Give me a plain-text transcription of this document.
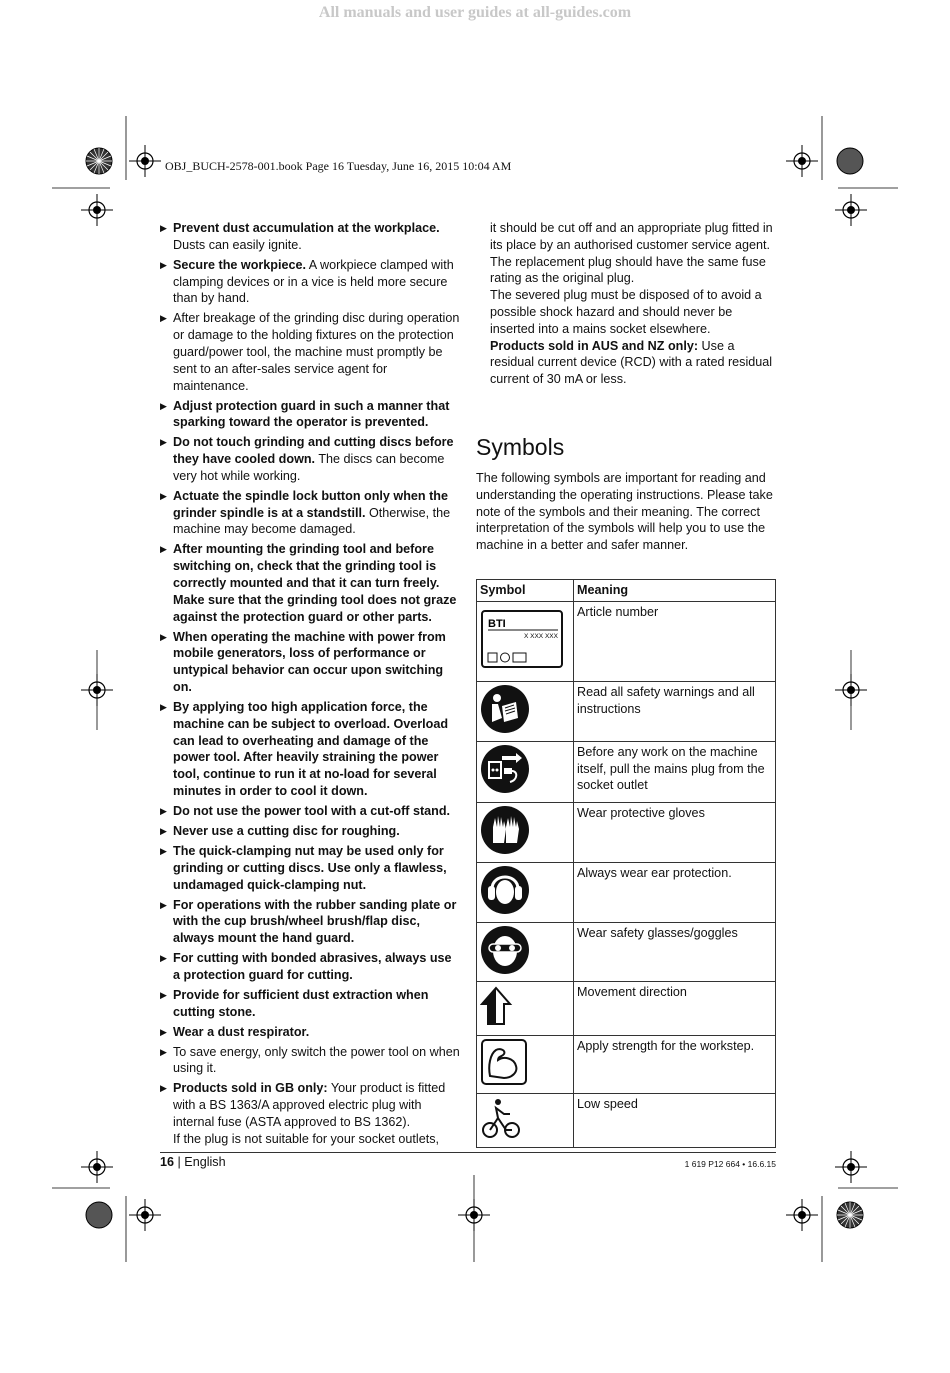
All manuals and user guides at all-guides.com
OBJ_BUCH-2578-001.book Page 16 Tuesday, June 16, 2015 10:04 AM
▶ Prevent dust accumulation at the workplace. Dusts can easily ignite.
▶ Secure the workpiece. A workpiece clamped with clamping devices or in a vice is held more secure than by hand.
▶ After breakage of the grinding disc during operation or damage to the holding fixtures on the protection guard/power tool, the machine must promptly be sent to an after-sales service agent for maintenance.
▶ Adjust protection guard in such a manner that sparking toward the operator is prevented.
▶ Do not touch grinding and cutting discs before they have cooled down. The discs can become very hot while working.
▶ Actuate the spindle lock button only when the grinder spindle is at a standstill. Otherwise, the machine may become damaged.
▶ After mounting the grinding tool and before switching on, check that the grinding tool is correctly mounted and that it can turn freely. Make sure that the grinding tool does not graze against the protection guard or other parts.
▶ When operating the machine with power from mobile generators, loss of performance or untypical behavior can occur upon switching on.
▶ By applying too high application force, the machine can be subject to overload. Overload can lead to overheating and damage of the power tool. After heavily straining the power tool, continue to run it at no-load for several minutes in order to cool it down.
▶ Do not use the power tool with a cut-off stand.
▶ Never use a cutting disc for roughing.
▶ The quick-clamping nut may be used only for grinding or cutting discs. Use only a flawless, undamaged quick-clamping nut.
▶ For operations with the rubber sanding plate or with the cup brush/wheel brush/flap disc, always mount the hand guard.
▶ For cutting with bonded abrasives, always use a protection guard for cutting.
▶ Provide for sufficient dust extraction when cutting stone.
▶ Wear a dust respirator.
▶ To save energy, only switch the power tool on when using it.
▶ Products sold in GB only: Your product is fitted with a BS 1363/A approved electric plug with internal fuse (ASTA approved to BS 1362).
If the plug is not suitable for your socket outlets,
it should be cut off and an appropriate plug fitted in its place by an authorised customer service agent. The replacement plug should have the same fuse rating as the original plug.
The severed plug must be disposed of to avoid a possible shock hazard and should never be inserted into a mains socket elsewhere.
Products sold in AUS and NZ only: Use a residual current device (RCD) with a rated residual current of 30 mA or less.
Symbols
The following symbols are important for reading and understanding the operating instructions. Please take note of the symbols and their meaning. The correct interpretation of the symbols will help you to use the machine in a better and safer manner.
Symbol	Meaning

BTI
X XXX XXX	Article number
	Read all safety warnings and all instructions
	Before any work on the machine itself, pull the mains plug from the socket outlet
	Wear protective gloves
	Always wear ear protection.
	Wear safety glasses/goggles
	Movement direction
	Apply strength for the workstep.
	Low speed
16 | English	1 619 P12 664 • 16.6.15
